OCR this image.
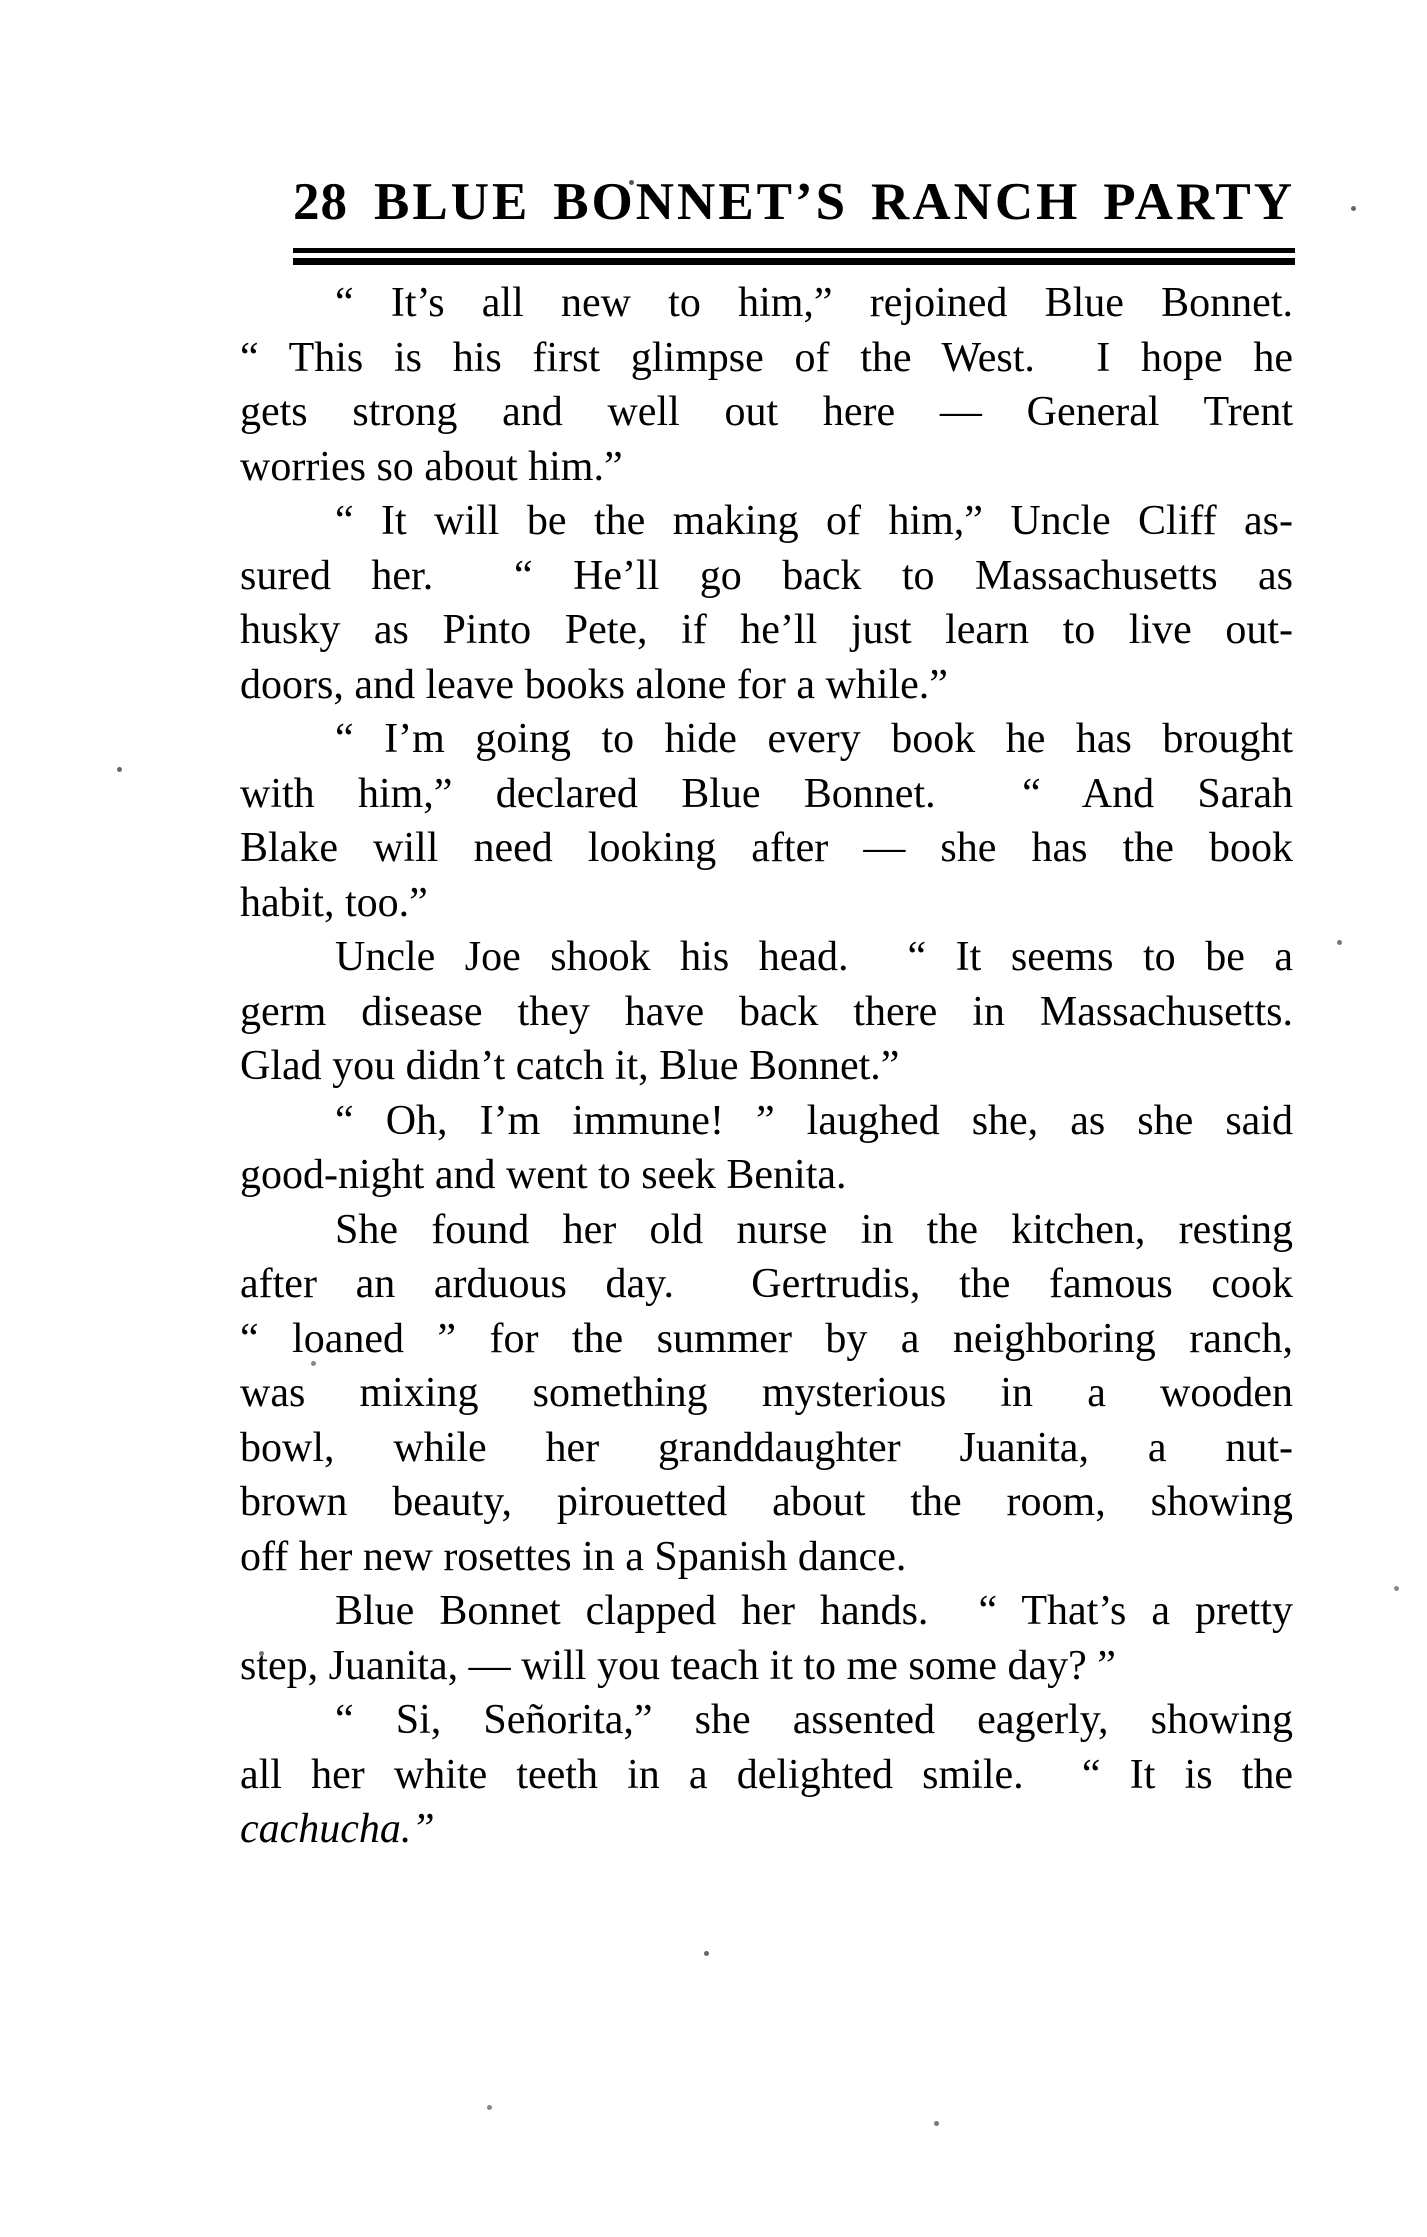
28 BLUE BONNET’S RANCH PARTY

“ It’s all new to him,” rejoined Blue Bonnet.
“ This is his first glimpse of the West.  I hope he
gets strong and well out here — General Trent
worries so about him.”

“ It will be the making of him,” Uncle Cliff as-
sured her.  “ He’ll go back to Massachusetts as
husky as Pinto Pete, if he’ll just learn to live out-
doors, and leave books alone for a while.”

“ I’m going to hide every book he has brought
with him,” declared Blue Bonnet.  “ And Sarah
Blake will need looking after — she has the book
habit, too.”

Uncle Joe shook his head.  “ It seems to be a
germ disease they have back there in Massachusetts.
Glad you didn’t catch it, Blue Bonnet.”

“ Oh, I’m immune! ” laughed she, as she said
good-night and went to seek Benita.

She found her old nurse in the kitchen, resting
after an arduous day.  Gertrudis, the famous cook
“ loaned ” for the summer by a neighboring ranch,
was mixing something mysterious in a wooden
bowl, while her granddaughter Juanita, a nut-
brown beauty, pirouetted about the room, showing
off her new rosettes in a Spanish dance.

Blue Bonnet clapped her hands.  “ That’s a pretty
step, Juanita, — will you teach it to me some day? ”

“ Si, Señorita,” she assented eagerly, showing
all her white teeth in a delighted smile.  “ It is the
cachucha.”
